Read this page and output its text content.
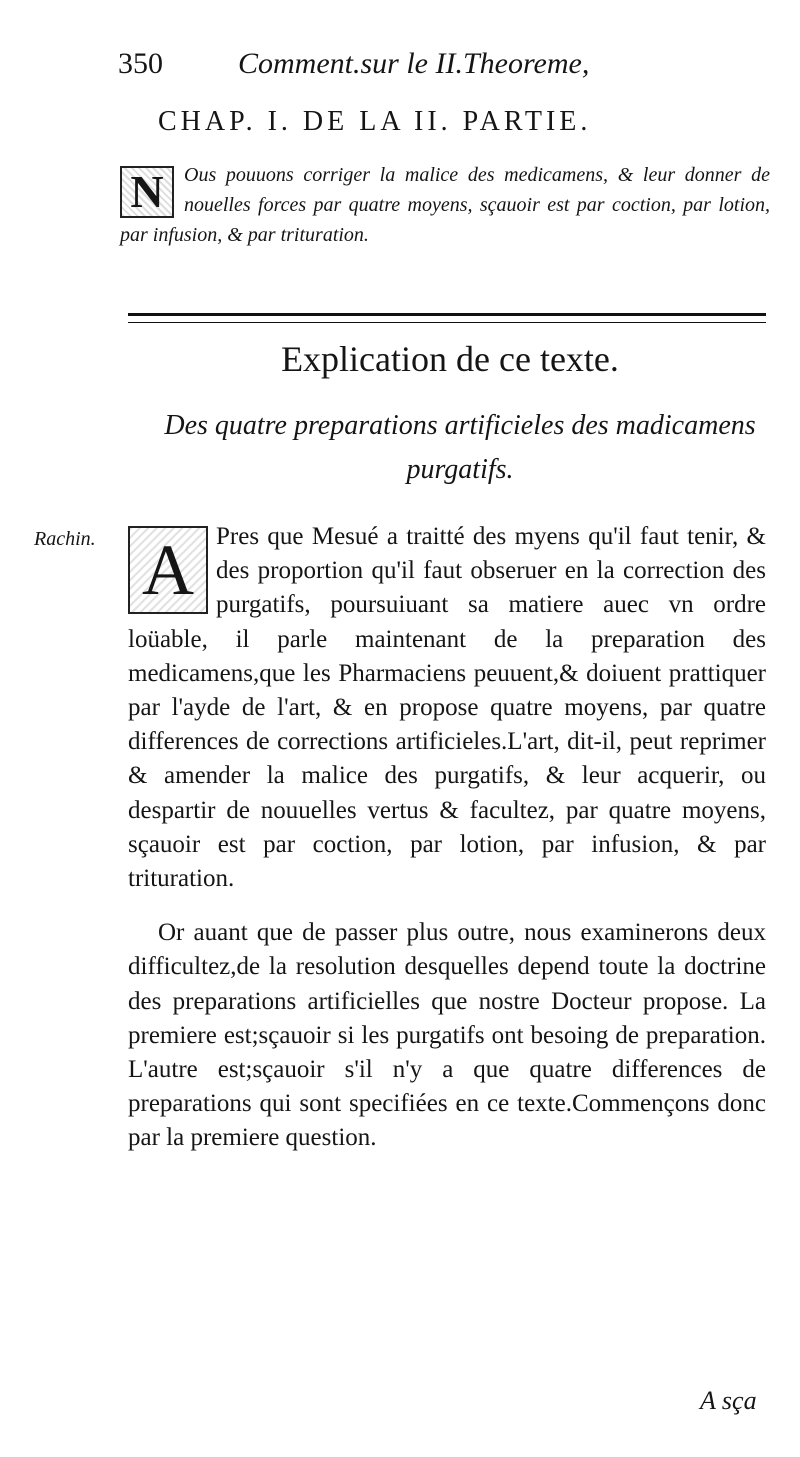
350	Comment.sur le II.Theoreme,
CHAP. I. DE LA II. PARTIE.
N	Ous pouuons corriger la malice des medicamens, & leur donner de nouelles forces par quatre moyens, sçauoir est par coction, par lotion, par infusion, & par trituration.
Explication de ce texte.
Des quatre preparations artificieles des madicamens purgatifs.
Rachin. A Pres que Mesué a traitté des myens qu'il faut tenir, & des proportion qu'il faut obseruer en la correction des purgatifs, poursuiuant sa matiere auec vn ordre loüable, il parle maintenant de la preparation des medicamens,que les Pharmaciens peuuent,& doiuent prattiquer par l'ayde de l'art, & en propose quatre moyens, par quatre differences de corrections artificieles.L'art, dit-il, peut reprimer & amender la malice des purgatifs, & leur acquerir, ou despartir de nouuelles vertus & facultez, par quatre moyens, sçauoir est par coction, par lotion, par infusion, & par trituration.

Or auant que de passer plus outre, nous examinerons deux difficultez,de la resolution desquelles depend toute la doctrine des preparations artificielles que nostre Docteur propose. La premiere est;sçauoir si les purgatifs ont besoing de preparation. L'autre est;sçauoir s'il n'y a que quatre differences de preparations qui sont specifiées en ce texte.Commençons donc par la premiere question.

A sça
